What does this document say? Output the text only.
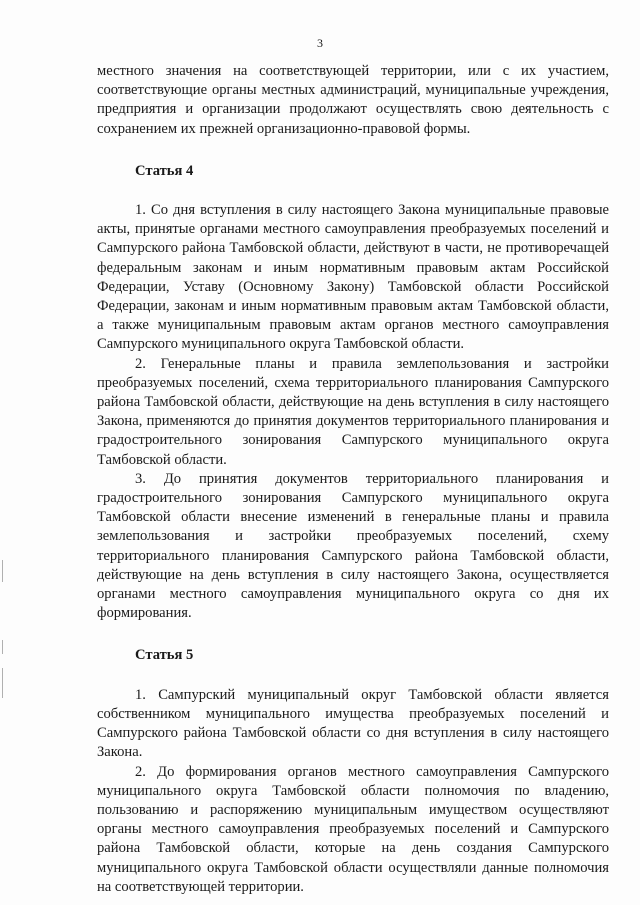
3

местного значения на соответствующей территории, или с их участием, соответствующие органы местных администраций, муниципальные учреждения, предприятия и организации продолжают осуществлять свою деятельность с сохранением их прежней организационно-правовой формы.

Статья 4

1. Со дня вступления в силу настоящего Закона муниципальные правовые акты, принятые органами местного самоуправления преобразуемых поселений и Сампурского района Тамбовской области, действуют в части, не противоречащей федеральным законам и иным нормативным правовым актам Российской Федерации, Уставу (Основному Закону) Тамбовской области Российской Федерации, законам и иным нормативным правовым актам Тамбовской области, а также муниципальным правовым актам органов местного самоуправления Сампурского муниципального округа Тамбовской области.

2. Генеральные планы и правила землепользования и застройки преобразуемых поселений, схема территориального планирования Сампурского района Тамбовской области, действующие на день вступления в силу настоящего Закона, применяются до принятия документов территориального планирования и градостроительного зонирования Сампурского муниципального округа Тамбовской области.

3. До принятия документов территориального планирования и градостроительного зонирования Сампурского муниципального округа Тамбовской области внесение изменений в генеральные планы и правила землепользования и застройки преобразуемых поселений, схему территориального планирования Сампурского района Тамбовской области, действующие на день вступления в силу настоящего Закона, осуществляется органами местного самоуправления муниципального округа со дня их формирования.

Статья 5

1. Сампурский муниципальный округ Тамбовской области является собственником муниципального имущества преобразуемых поселений и Сампурского района Тамбовской области со дня вступления в силу настоящего Закона.

2. До формирования органов местного самоуправления Сампурского муниципального округа Тамбовской области полномочия по владению, пользованию и распоряжению муниципальным имуществом осуществляют органы местного самоуправления преобразуемых поселений и Сампурского района Тамбовской области, которые на день создания Сампурского муниципального округа Тамбовской области осуществляли данные полномочия на соответствующей территории.
